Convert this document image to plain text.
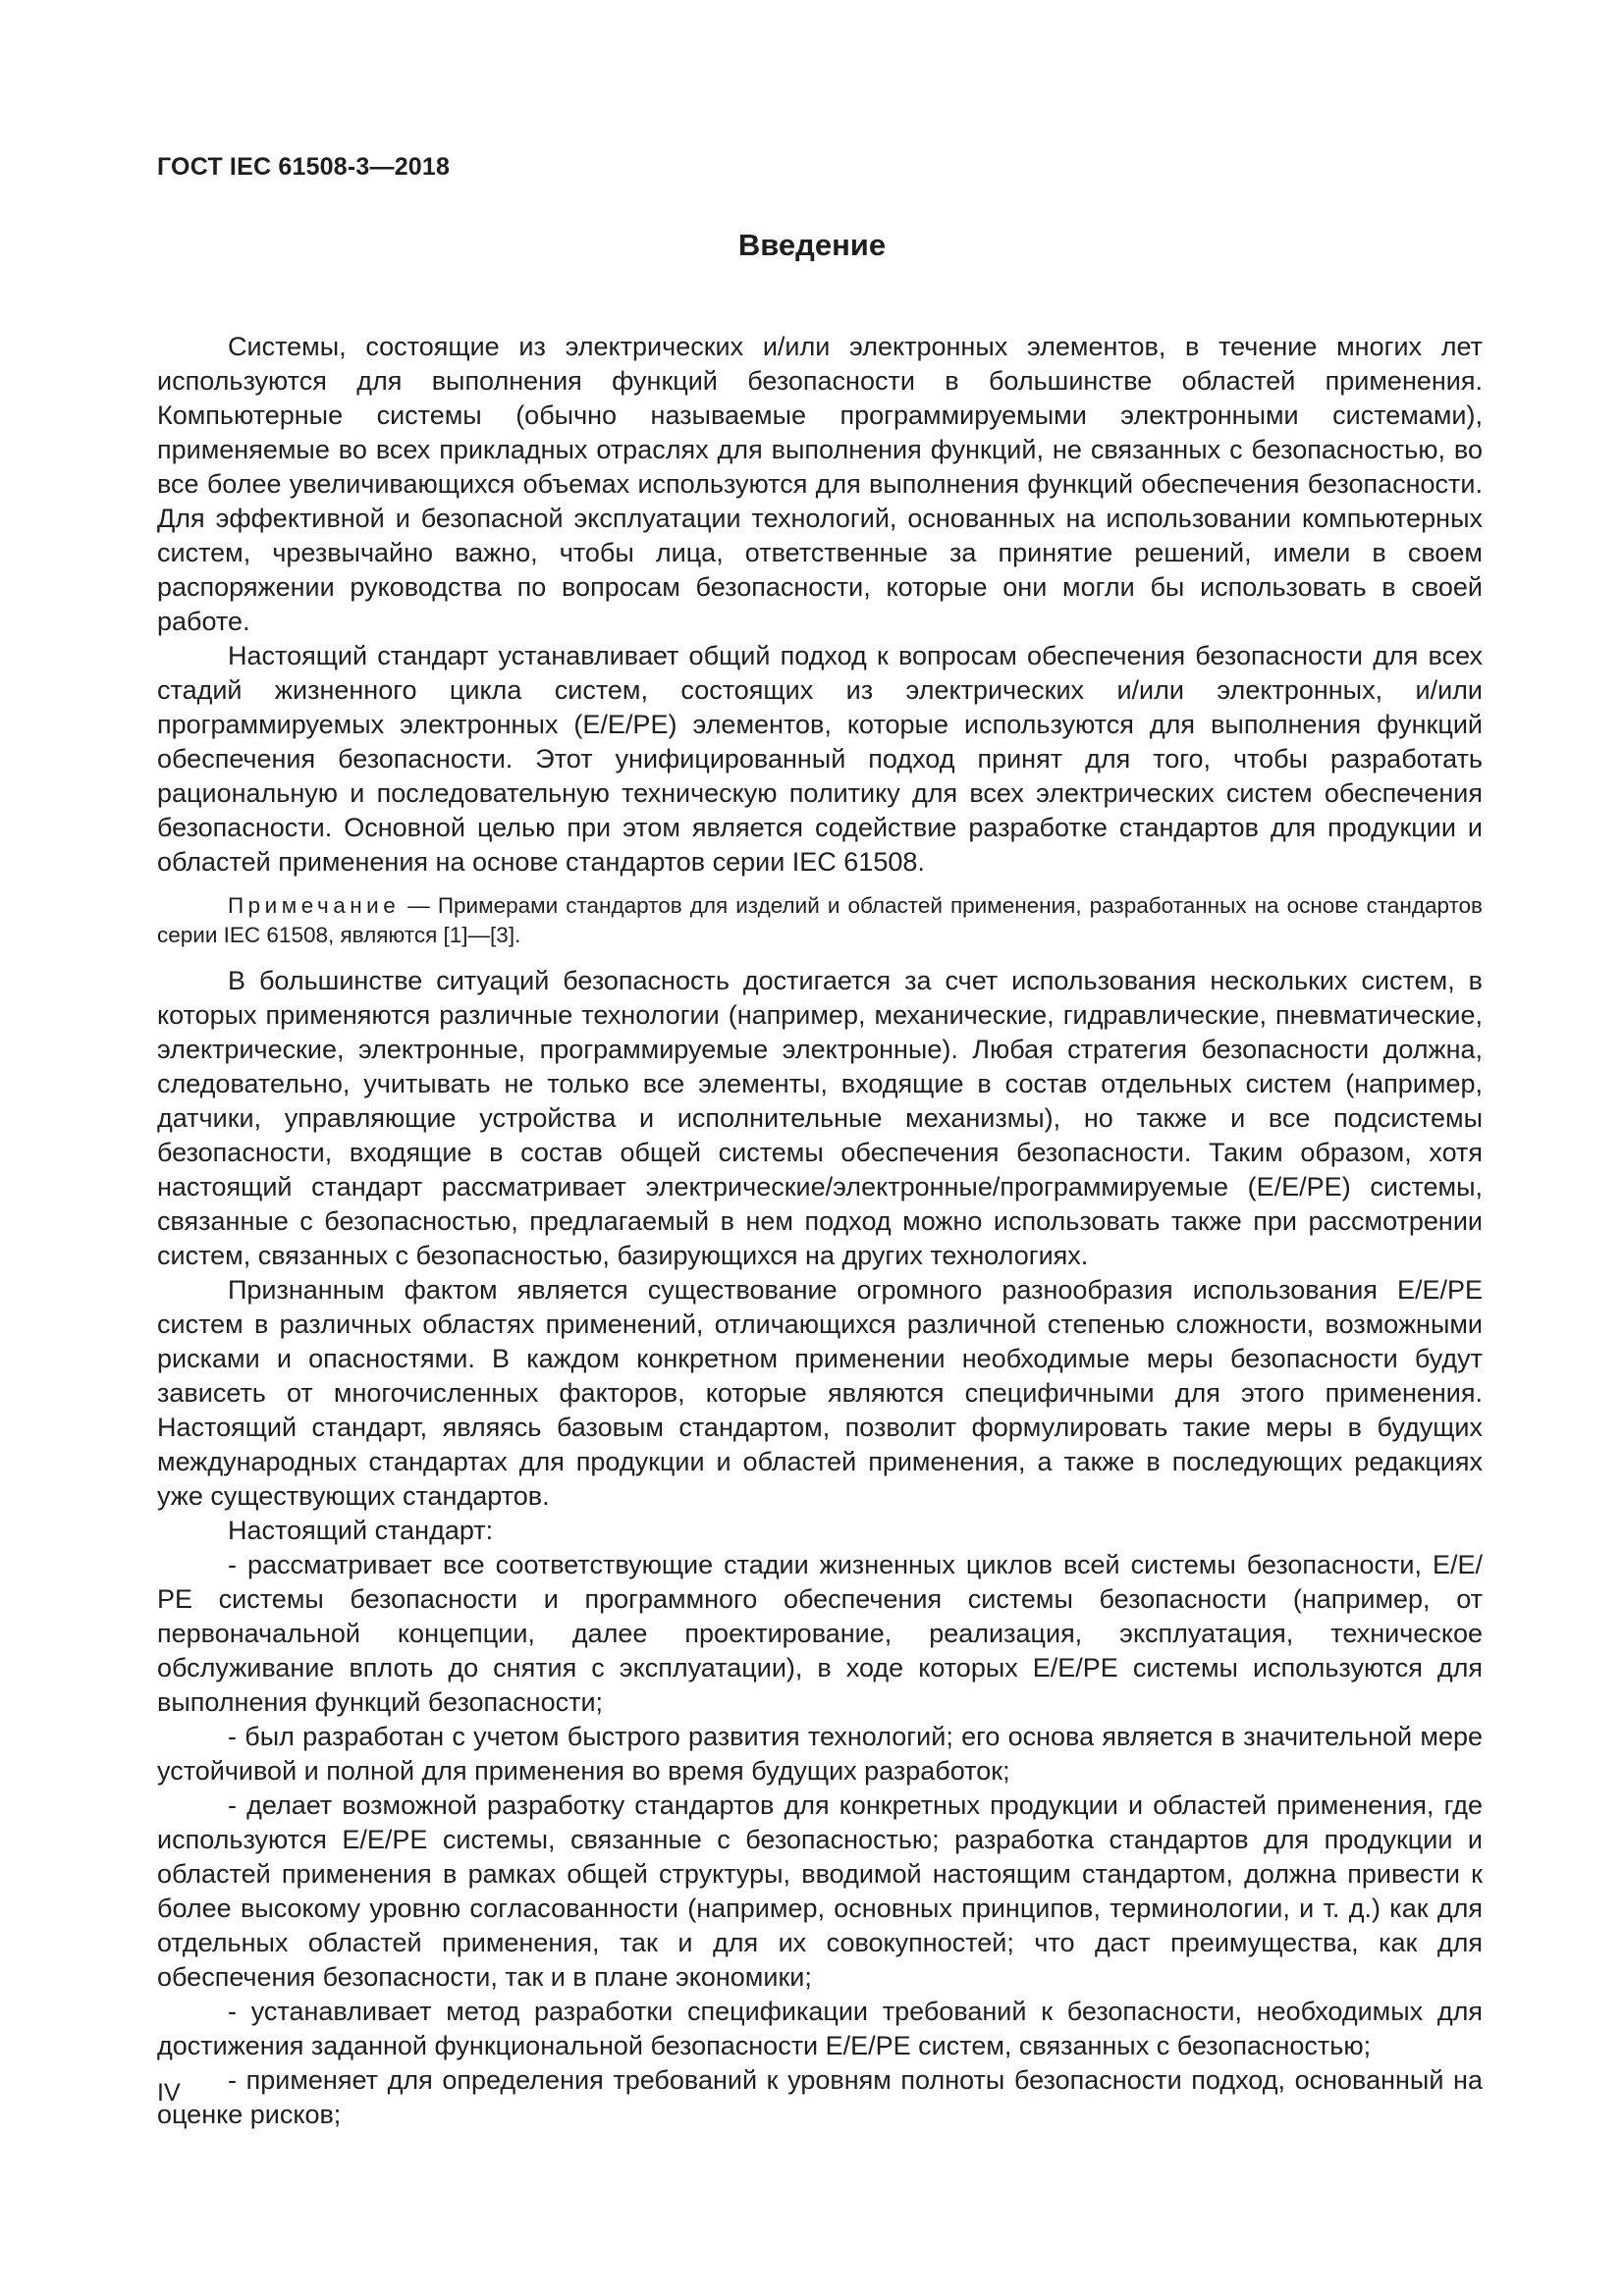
ГОСТ IEC 61508-3—2018
Введение

Системы, состоящие из электрических и/или электронных элементов, в течение многих лет используются для выполнения функций безопасности в большинстве областей применения. Компьютерные системы (обычно называемые программируемыми электронными системами), применяемые во всех прикладных отраслях для выполнения функций, не связанных с безопасностью, во все более увеличивающихся объемах используются для выполнения функций обеспечения безопасности. Для эффективной и безопасной эксплуатации технологий, основанных на использовании компьютерных систем, чрезвычайно важно, чтобы лица, ответственные за принятие решений, имели в своем распоряжении руководства по вопросам безопасности, которые они могли бы использовать в своей работе.

Настоящий стандарт устанавливает общий подход к вопросам обеспечения безопасности для всех стадий жизненного цикла систем, состоящих из электрических и/или электронных, и/или программируемых электронных (Е/Е/РЕ) элементов, которые используются для выполнения функций обеспечения безопасности. Этот унифицированный подход принят для того, чтобы разработать рациональную и последовательную техническую политику для всех электрических систем обеспечения безопасности. Основной целью при этом является содействие разработке стандартов для продукции и областей применения на основе стандартов серии IEC 61508.

Примечание — Примерами стандартов для изделий и областей применения, разработанных на основе стандартов серии IEC 61508, являются [1]—[3].

В большинстве ситуаций безопасность достигается за счет использования нескольких систем, в которых применяются различные технологии (например, механические, гидравлические, пневматические, электрические, электронные, программируемые электронные). Любая стратегия безопасности должна, следовательно, учитывать не только все элементы, входящие в состав отдельных систем (например, датчики, управляющие устройства и исполнительные механизмы), но также и все подсистемы безопасности, входящие в состав общей системы обеспечения безопасности. Таким образом, хотя настоящий стандарт рассматривает электрические/электронные/программируемые (Е/Е/РЕ) системы, связанные с безопасностью, предлагаемый в нем подход можно использовать также при рассмотрении систем, связанных с безопасностью, базирующихся на других технологиях.

Признанным фактом является существование огромного разнообразия использования Е/Е/РЕ систем в различных областях применений, отличающихся различной степенью сложности, возможными рисками и опасностями. В каждом конкретном применении необходимые меры безопасности будут зависеть от многочисленных факторов, которые являются специфичными для этого применения. Настоящий стандарт, являясь базовым стандартом, позволит формулировать такие меры в будущих международных стандартах для продукции и областей применения, а также в последующих редакциях уже существующих стандартов.

Настоящий стандарт:

- рассматривает все соответствующие стадии жизненных циклов всей системы безопасности, Е/Е/РЕ системы безопасности и программного обеспечения системы безопасности (например, от первоначальной концепции, далее проектирование, реализация, эксплуатация, техническое обслуживание вплоть до снятия с эксплуатации), в ходе которых Е/Е/РЕ системы используются для выполнения функций безопасности;

- был разработан с учетом быстрого развития технологий; его основа является в значительной мере устойчивой и полной для применения во время будущих разработок;

- делает возможной разработку стандартов для конкретных продукции и областей применения, где используются Е/Е/РЕ системы, связанные с безопасностью; разработка стандартов для продукции и областей применения в рамках общей структуры, вводимой настоящим стандартом, должна привести к более высокому уровню согласованности (например, основных принципов, терминологии, и т. д.) как для отдельных областей применения, так и для их совокупностей; что даст преимущества, как для обеспечения безопасности, так и в плане экономики;

- устанавливает метод разработки спецификации требований к безопасности, необходимых для достижения заданной функциональной безопасности Е/Е/РЕ систем, связанных с безопасностью;

- применяет для определения требований к уровням полноты безопасности подход, основанный на оценке рисков;

IV
